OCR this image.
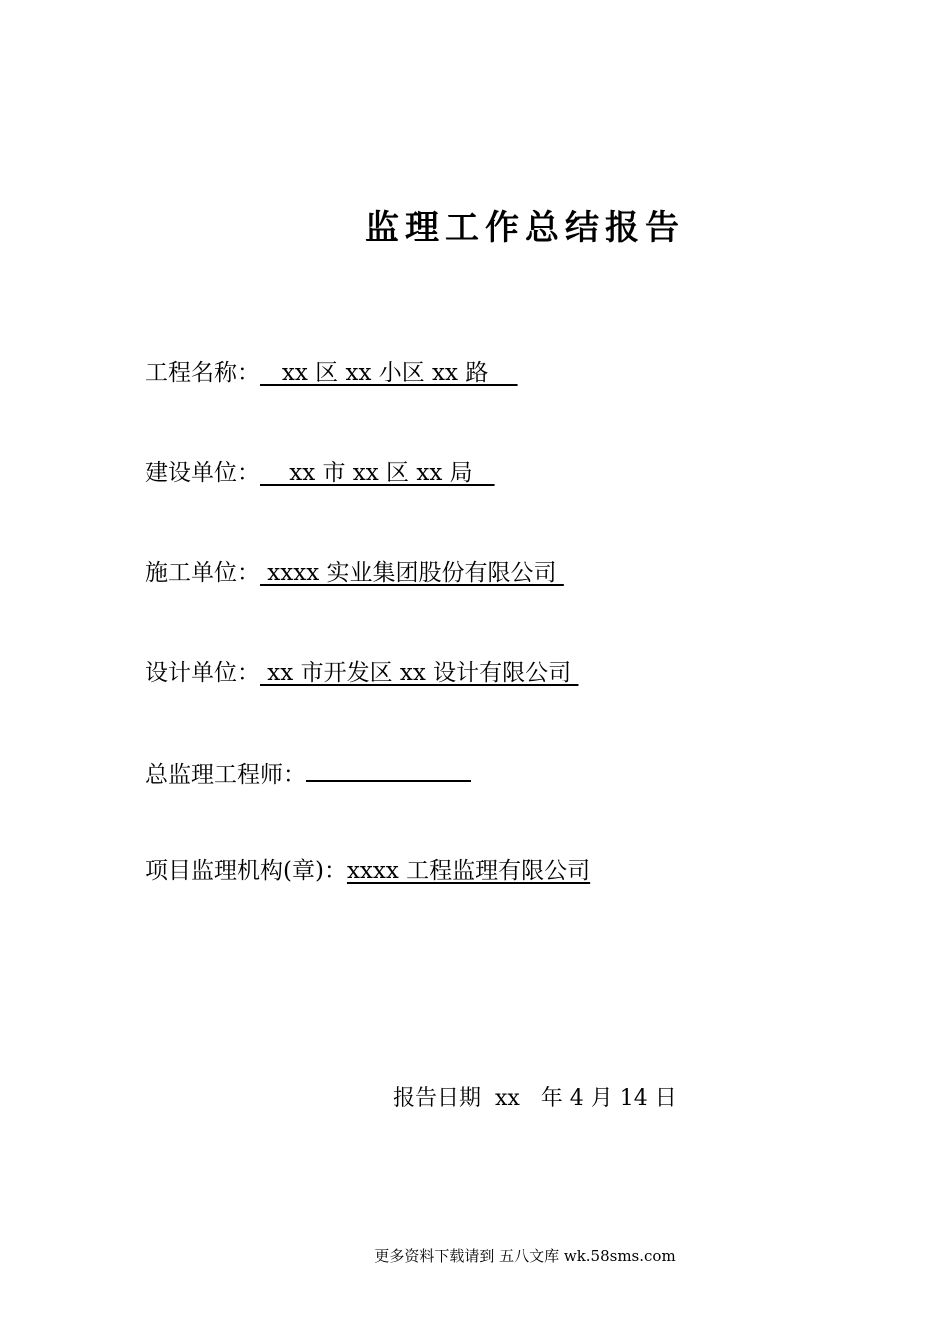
监理工作总结报告
工程名称：   xx 区 xx 小区 xx 路
建设单位：    xx 市 xx 区 xx 局
施工单位： xxxx 实业集团股份有限公司
设计单位： xx 市开发区 xx 设计有限公司
总监理工程师：
项目监理机构(章)：xxxx 工程监理有限公司
报告日期  xx   年 4 月 14 日
更多资料下载请到 五八文库 wk.58sms.com
